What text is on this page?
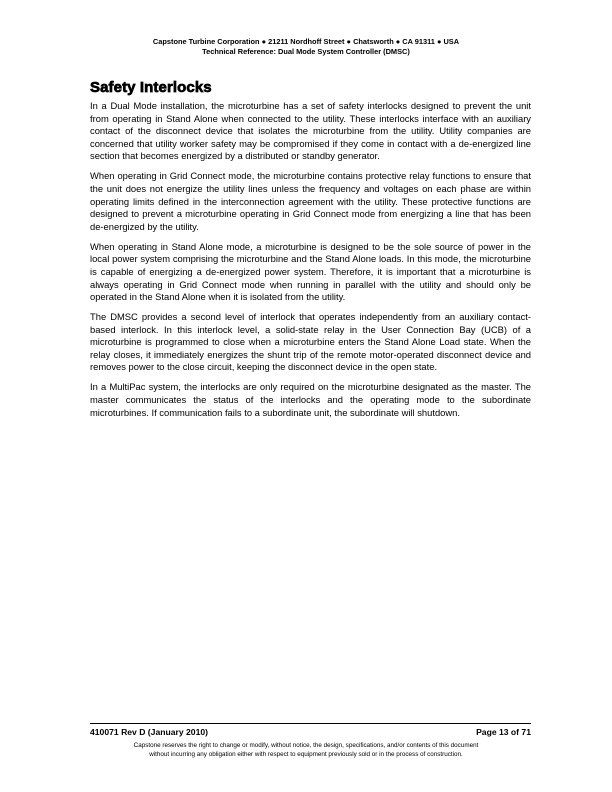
Capstone Turbine Corporation ● 21211 Nordhoff Street ● Chatsworth ● CA 91311 ● USA
Technical Reference: Dual Mode System Controller (DMSC)
Safety Interlocks

In a Dual Mode installation, the microturbine has a set of safety interlocks designed to prevent the unit from operating in Stand Alone when connected to the utility. These interlocks interface with an auxiliary contact of the disconnect device that isolates the microturbine from the utility. Utility companies are concerned that utility worker safety may be compromised if they come in contact with a de-energized line section that becomes energized by a distributed or standby generator.

When operating in Grid Connect mode, the microturbine contains protective relay functions to ensure that the unit does not energize the utility lines unless the frequency and voltages on each phase are within operating limits defined in the interconnection agreement with the utility. These protective functions are designed to prevent a microturbine operating in Grid Connect mode from energizing a line that has been de-energized by the utility.

When operating in Stand Alone mode, a microturbine is designed to be the sole source of power in the local power system comprising the microturbine and the Stand Alone loads. In this mode, the microturbine is capable of energizing a de-energized power system. Therefore, it is important that a microturbine is always operating in Grid Connect mode when running in parallel with the utility and should only be operated in the Stand Alone when it is isolated from the utility.

The DMSC provides a second level of interlock that operates independently from an auxiliary contact-based interlock. In this interlock level, a solid-state relay in the User Connection Bay (UCB) of a microturbine is programmed to close when a microturbine enters the Stand Alone Load state. When the relay closes, it immediately energizes the shunt trip of the remote motor-operated disconnect device and removes power to the close circuit, keeping the disconnect device in the open state.

In a MultiPac system, the interlocks are only required on the microturbine designated as the master. The master communicates the status of the interlocks and the operating mode to the subordinate microturbines. If communication fails to a subordinate unit, the subordinate will shutdown.

410071 Rev D (January 2010)	Page 13 of 71
Capstone reserves the right to change or modify, without notice, the design, specifications, and/or contents of this document
without incurring any obligation either with respect to equipment previously sold or in the process of construction.
